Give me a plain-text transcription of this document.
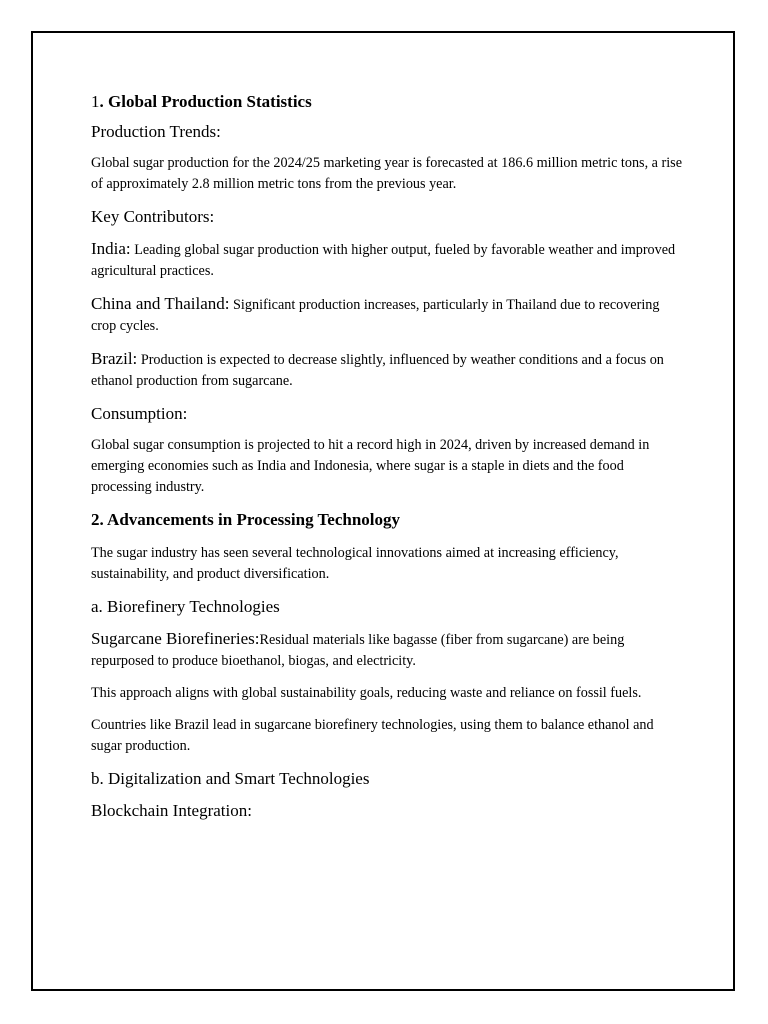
1. Global Production Statistics
Production Trends:
Global sugar production for the 2024/25 marketing year is forecasted at 186.6 million metric tons, a rise of approximately 2.8 million metric tons from the previous year.
Key Contributors:
India: Leading global sugar production with higher output, fueled by favorable weather and improved agricultural practices.
China and Thailand: Significant production increases, particularly in Thailand due to recovering crop cycles.
Brazil: Production is expected to decrease slightly, influenced by weather conditions and a focus on ethanol production from sugarcane.
Consumption:
Global sugar consumption is projected to hit a record high in 2024, driven by increased demand in emerging economies such as India and Indonesia, where sugar is a staple in diets and the food processing industry.
2. Advancements in Processing Technology
The sugar industry has seen several technological innovations aimed at increasing efficiency, sustainability, and product diversification.
a. Biorefinery Technologies
Sugarcane Biorefineries:Residual materials like bagasse (fiber from sugarcane) are being repurposed to produce bioethanol, biogas, and electricity.
This approach aligns with global sustainability goals, reducing waste and reliance on fossil fuels.
Countries like Brazil lead in sugarcane biorefinery technologies, using them to balance ethanol and sugar production.
b. Digitalization and Smart Technologies
Blockchain Integration:
